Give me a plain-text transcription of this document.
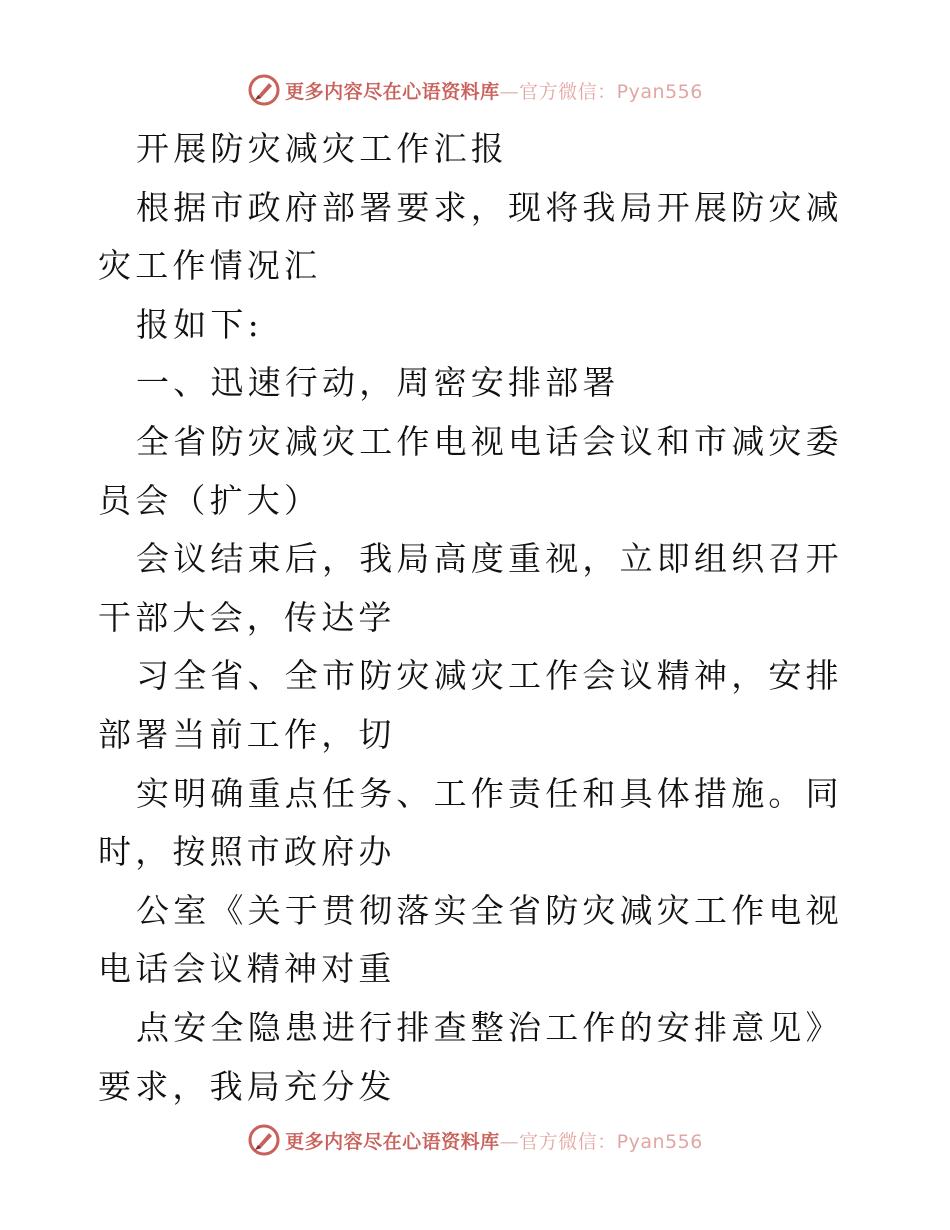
更多内容尽在心语资料库—官方微信：Pyan556

开展防灾减灾工作汇报

根据市政府部署要求，现将我局开展防灾减灾工作情况汇

报如下:

一、迅速行动，周密安排部署

全省防灾减灾工作电视电话会议和市减灾委员会（扩大）

会议结束后，我局高度重视，立即组织召开干部大会，传达学

习全省、全市防灾减灾工作会议精神，安排部署当前工作，切

实明确重点任务、工作责任和具体措施。同时，按照市政府办

公室《关于贯彻落实全省防灾减灾工作电视电话会议精神对重

点安全隐患进行排查整治工作的安排意见》要求，我局充分发

更多内容尽在心语资料库—官方微信：Pyan556
